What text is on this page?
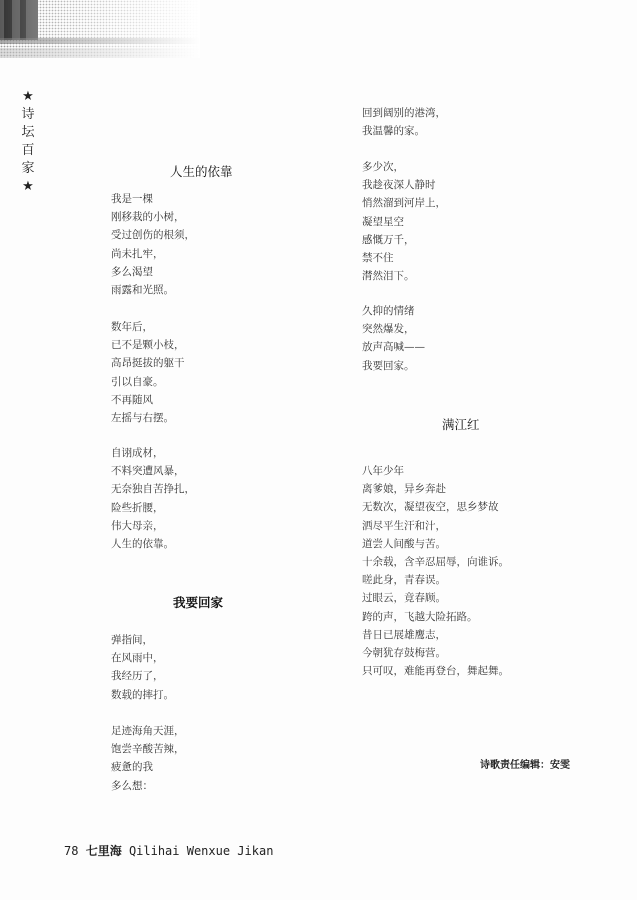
★
诗
坛
百
家
★
人生的依靠
我是一棵
刚移栽的小树，
受过创伤的根须，
尚未扎牢，
多么渴望
雨露和光照。
数年后，
已不是颗小枝，
高昂挺拔的躯干
引以自豪。
不再随风
左摇与右摆。
自诩成材，
不料突遭风暴，
无奈独自苦挣扎，
险些折腰，
伟大母亲，
人生的依靠。
我要回家
弹指间，
在风雨中，
我经历了，
数载的摔打。
足迹海角天涯，
饱尝辛酸苦辣，
疲惫的我
多么想：
回到阔别的港湾，
我温馨的家。
多少次，
我趁夜深人静时
悄然溜到河岸上，
凝望星空
感慨万千，
禁不住
潸然泪下。
久抑的情绪
突然爆发，
放声高喊——
我要回家。
满江红
八年少年
离爹娘，异乡奔赴
无数次，凝望夜空，思乡梦故
洒尽平生汗和汁，
道尝人间酸与苦。
十余载，含辛忍屈辱，向谁诉。
嗟此身，青春误。
过眼云，竟春顾。
跨的声，飞越大险拓路。
昔日已展雄鹰志，
今朝犹存鼓梅营。
只可叹，难能再登台，舞起舞。
诗歌责任编辑：安雯
78 七里海 Qilihai Wenxue Jikan
